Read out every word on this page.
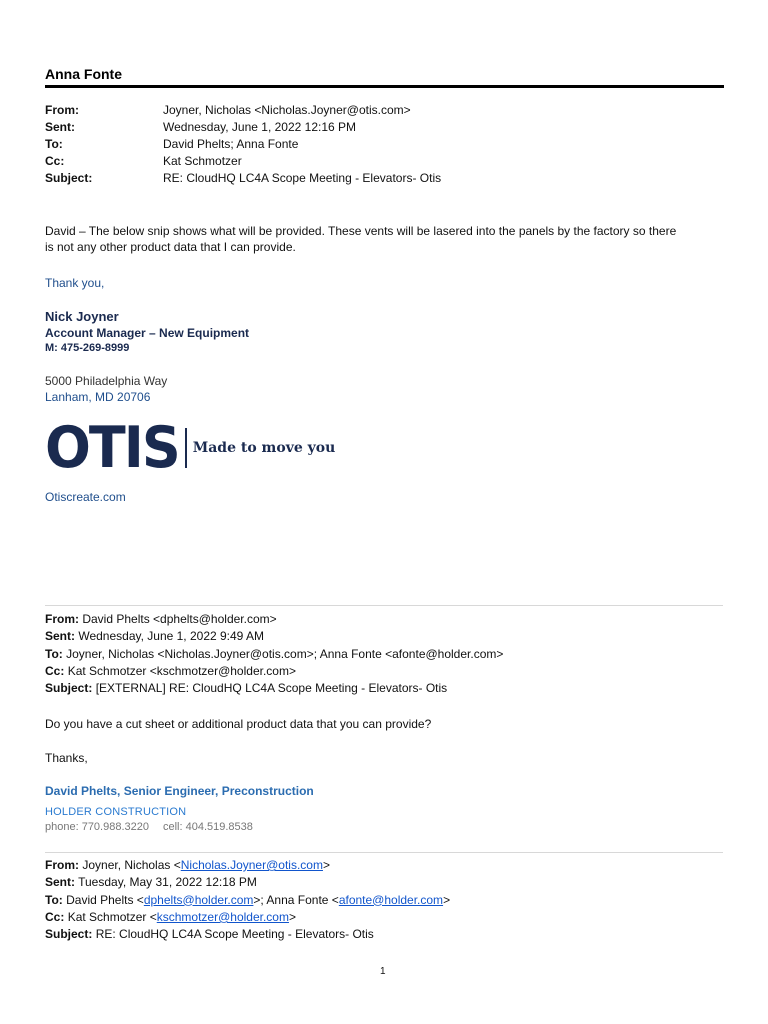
Anna Fonte
From:	Joyner, Nicholas <Nicholas.Joyner@otis.com>
Sent:	Wednesday, June 1, 2022 12:16 PM
To:	David Phelts; Anna Fonte
Cc:	Kat Schmotzer
Subject:	RE: CloudHQ LC4A Scope Meeting - Elevators- Otis
David – The below snip shows what will be provided. These vents will be lasered into the panels by the factory so there
is not any other product data that I can provide.
Thank you,
Nick Joyner
Account Manager – New Equipment
M: 475-269-8999
5000 Philadelphia Way
Lanham, MD 20706
OTIS Made to move you
Otiscreate.com
From: David Phelts <dphelts@holder.com>
Sent: Wednesday, June 1, 2022 9:49 AM
To: Joyner, Nicholas <Nicholas.Joyner@otis.com>; Anna Fonte <afonte@holder.com>
Cc: Kat Schmotzer <kschmotzer@holder.com>
Subject: [EXTERNAL] RE: CloudHQ LC4A Scope Meeting - Elevators- Otis
Do you have a cut sheet or additional product data that you can provide?
Thanks,
David Phelts, Senior Engineer, Preconstruction
HOLDER CONSTRUCTION
phone: 770.988.3220 cell: 404.519.8538
From: Joyner, Nicholas <Nicholas.Joyner@otis.com>
Sent: Tuesday, May 31, 2022 12:18 PM
To: David Phelts <dphelts@holder.com>; Anna Fonte <afonte@holder.com>
Cc: Kat Schmotzer <kschmotzer@holder.com>
Subject: RE: CloudHQ LC4A Scope Meeting - Elevators- Otis
1
